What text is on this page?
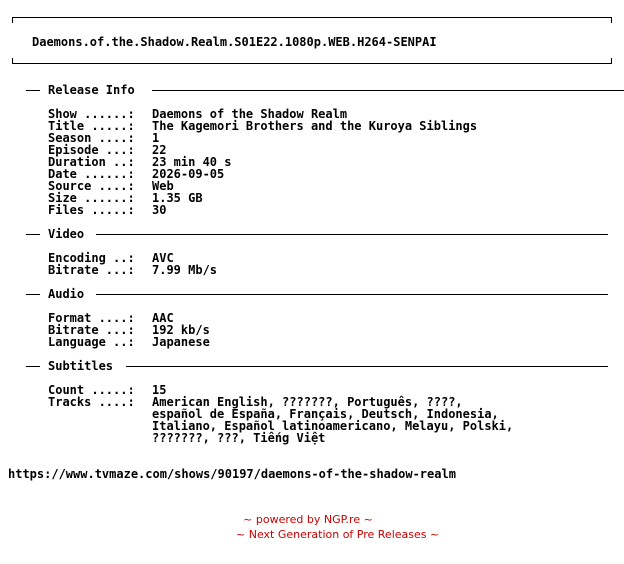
Daemons.of.the.Shadow.Realm.S01E22.1080p.WEB.H264-SENPAI
Release Info
Show ......: Daemons of the Shadow Realm
Title .....: The Kagemori Brothers and the Kuroya Siblings
Season ....: 1
Episode ...: 22
Duration ..: 23 min 40 s
Date ......: 2026-09-05
Source ....: Web
Size ......: 1.35 GB
Files .....: 30
Video
Encoding ..: AVC
Bitrate ...: 7.99 Mb/s
Audio
Format ....: AAC
Bitrate ...: 192 kb/s
Language ..: Japanese
Subtitles
Count .....: 15
Tracks ....: American English, ???????, Português, ????,
español de España, Français, Deutsch, Indonesia,
Italiano, Español latinoamericano, Melayu, Polski,
???????, ???, Tiếng Việt
https://www.tvmaze.com/shows/90197/daemons-of-the-shadow-realm
~ powered by NGP.re ~
~ Next Generation of Pre Releases ~
